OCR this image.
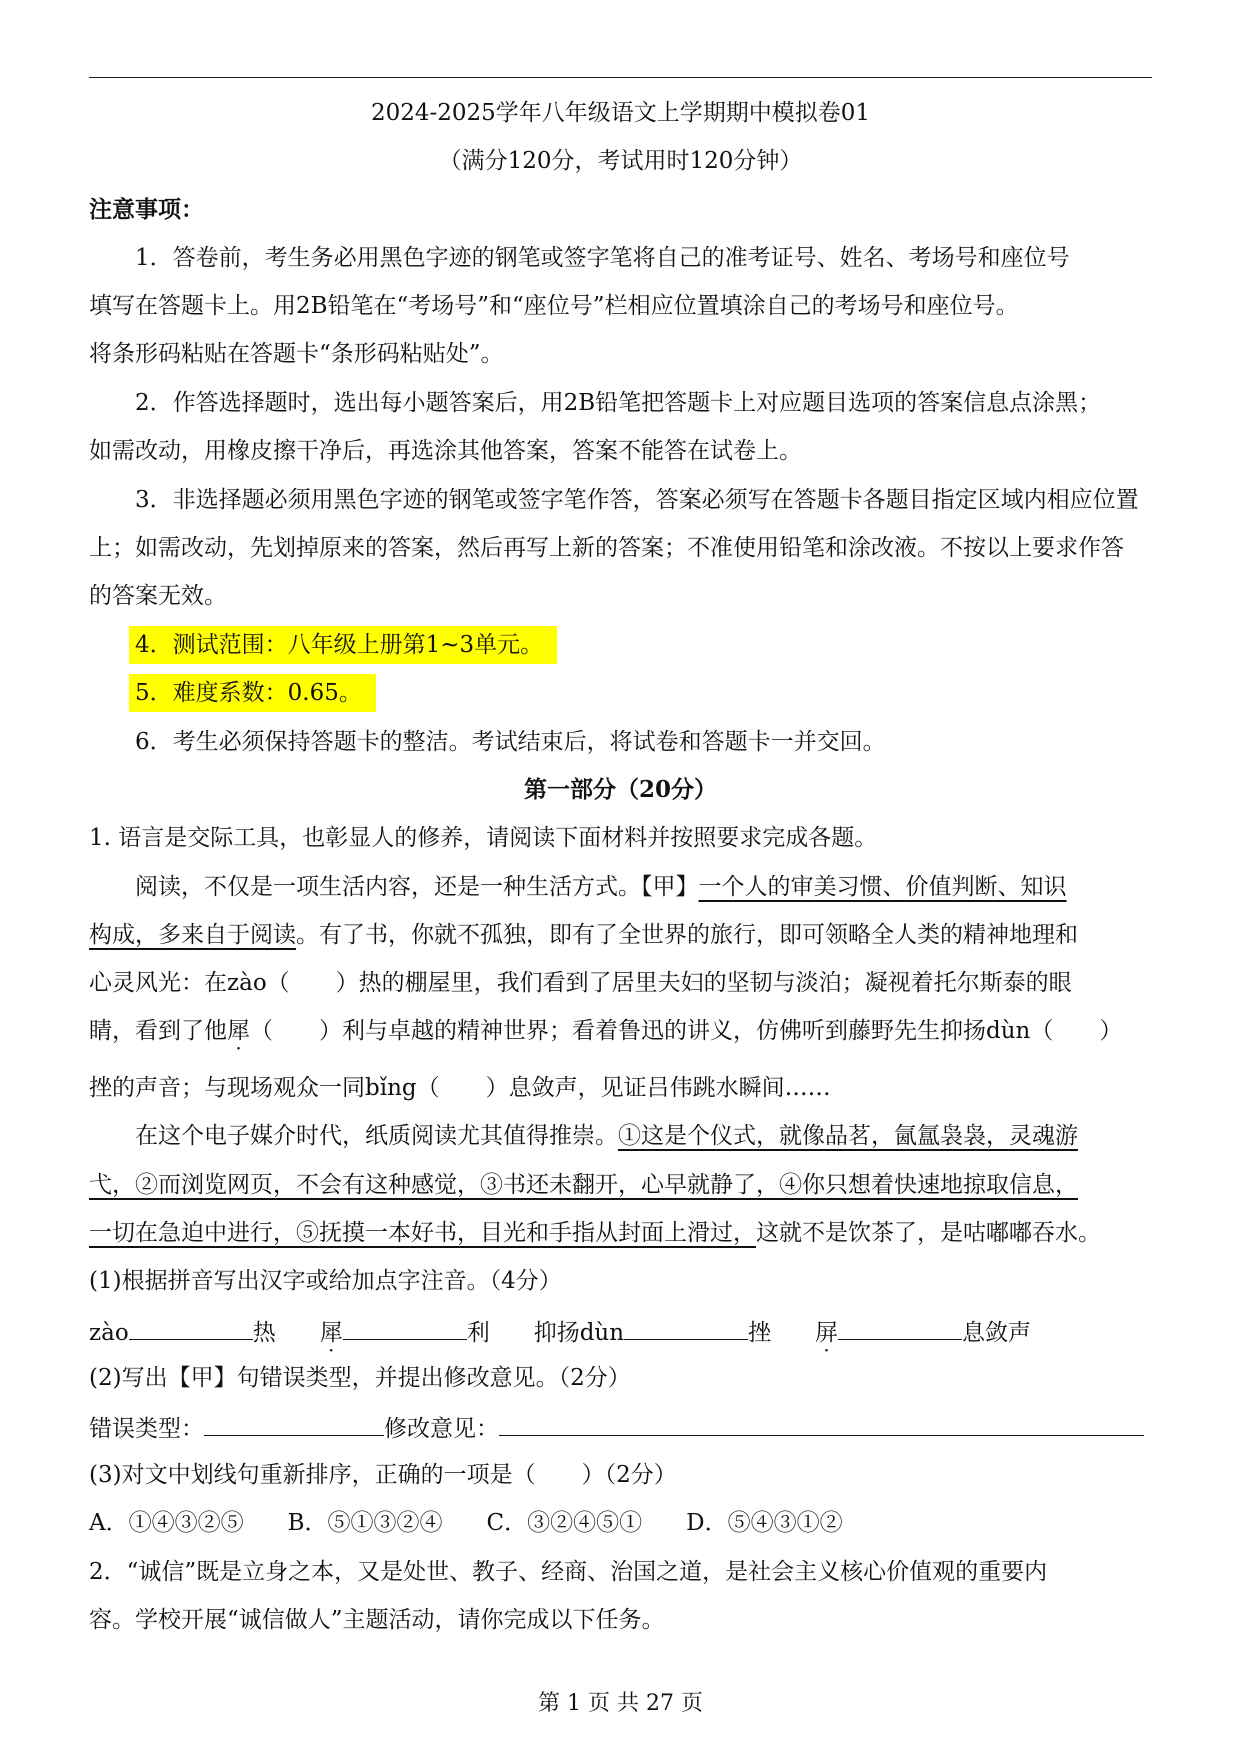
2024-2025学年八年级语文上学期期中模拟卷01
（满分120分，考试用时120分钟）
注意事项：
1．答卷前，考生务必用黑色字迹的钢笔或签字笔将自己的准考证号、姓名、考场号和座位号
填写在答题卡上。用2B铅笔在“考场号”和“座位号”栏相应位置填涂自己的考场号和座位号。
将条形码粘贴在答题卡“条形码粘贴处”。
2．作答选择题时，选出每小题答案后，用2B铅笔把答题卡上对应题目选项的答案信息点涂黑；
如需改动，用橡皮擦干净后，再选涂其他答案，答案不能答在试卷上。
3．非选择题必须用黑色字迹的钢笔或签字笔作答，答案必须写在答题卡各题目指定区域内相应位置
上；如需改动，先划掉原来的答案，然后再写上新的答案；不准使用铅笔和涂改液。不按以上要求作答
的答案无效。
4．测试范围：八年级上册第1~3单元。
5．难度系数：0.65。
6．考生必须保持答题卡的整洁。考试结束后，将试卷和答题卡一并交回。
第一部分（20分）
1. 语言是交际工具，也彰显人的修养，请阅读下面材料并按照要求完成各题。
阅读，不仅是一项生活内容，还是一种生活方式。【甲】一个人的审美习惯、价值判断、知识
构成，多来自于阅读。有了书，你就不孤独，即有了全世界的旅行，即可领略全人类的精神地理和
心灵风光：在zào（　　）热的棚屋里，我们看到了居里夫妇的坚韧与淡泊；凝视着托尔斯泰的眼
睛，看到了他犀（　　）利与卓越的精神世界；看着鲁迅的讲义，仿佛听到藤野先生抑扬dùn（　　）
挫的声音；与现场观众一同bǐng（　　）息敛声，见证吕伟跳水瞬间……
在这个电子媒介时代，纸质阅读尤其值得推崇。①这是个仪式，就像品茗，氤氲袅袅，灵魂游
弋，②而浏览网页，不会有这种感觉，③书还未翻开，心早就静了，④你只想着快速地掠取信息，
一切在急迫中进行，⑤抚摸一本好书，目光和手指从封面上滑过，这就不是饮茶了，是咕嘟嘟吞水。
(1)根据拼音写出汉字或给加点字注音。（4分）
zào	热 犀	利 抑扬dùn	挫 屏	息敛声
(2)写出【甲】句错误类型，并提出修改意见。（2分）
错误类型：	修改意见：
(3)对文中划线句重新排序，正确的一项是（　　）（2分）
A．①④③②⑤ B．⑤①③②④ C．③②④⑤① D．⑤④③①②
2．“诚信”既是立身之本，又是处世、教子、经商、治国之道，是社会主义核心价值观的重要内
容。学校开展“诚信做人”主题活动，请你完成以下任务。
第 1 页 共 27 页
